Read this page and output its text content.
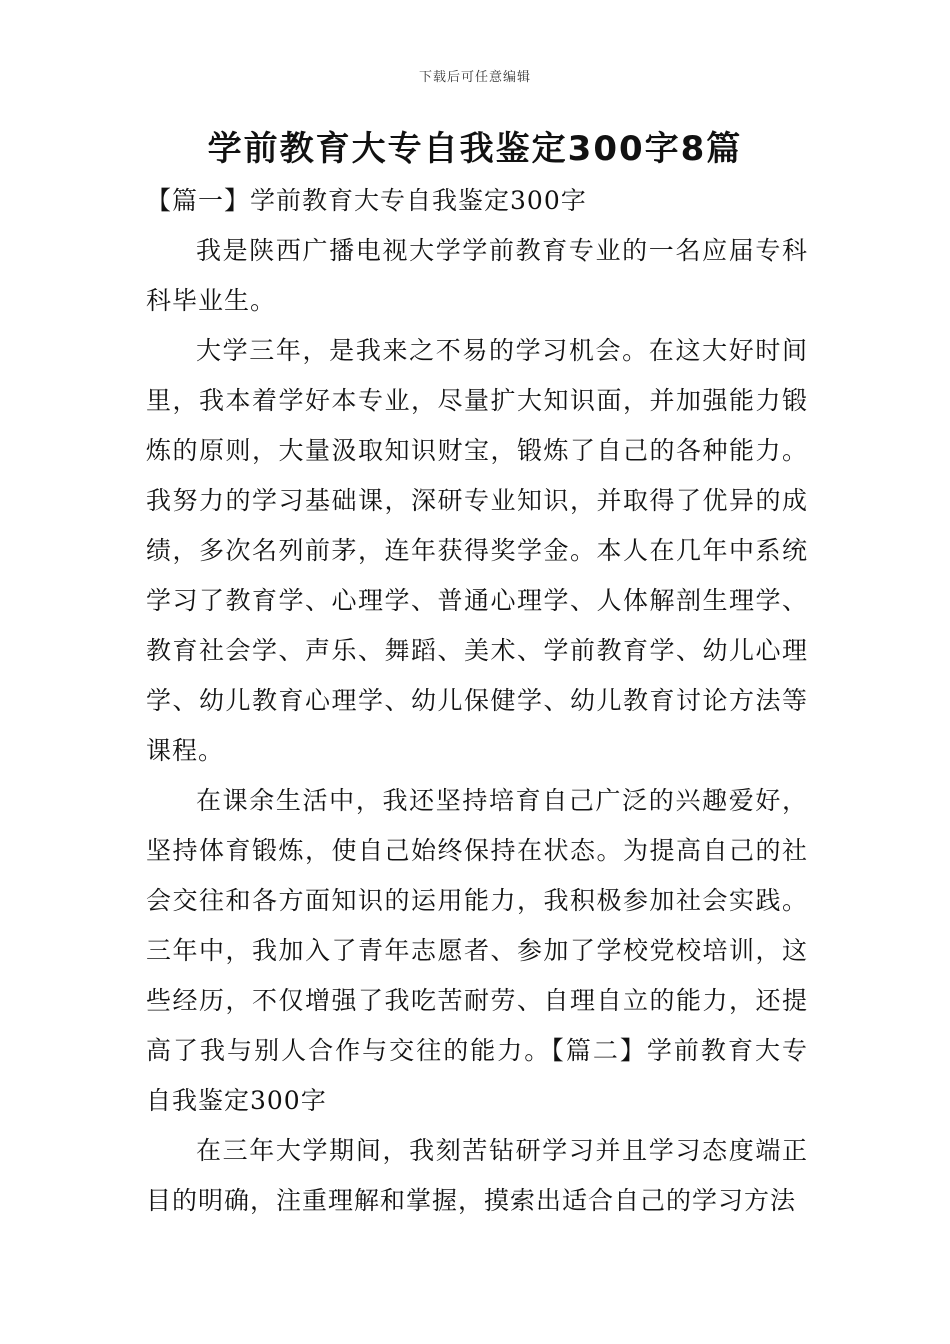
下载后可任意编辑
学前教育大专自我鉴定300字8篇

【篇一】学前教育大专自我鉴定300字

我是陕西广播电视大学学前教育专业的一名应届专科科毕业生。

大学三年，是我来之不易的学习机会。在这大好时间里，我本着学好本专业，尽量扩大知识面，并加强能力锻炼的原则，大量汲取知识财宝，锻炼了自己的各种能力。我努力的学习基础课，深研专业知识，并取得了优异的成绩，多次名列前茅，连年获得奖学金。本人在几年中系统学习了教育学、心理学、普通心理学、人体解剖生理学、教育社会学、声乐、舞蹈、美术、学前教育学、幼儿心理学、幼儿教育心理学、幼儿保健学、幼儿教育讨论方法等课程。

在课余生活中，我还坚持培育自己广泛的兴趣爱好，坚持体育锻炼，使自己始终保持在状态。为提高自己的社会交往和各方面知识的运用能力，我积极参加社会实践。三年中，我加入了青年志愿者、参加了学校党校培训，这些经历，不仅增强了我吃苦耐劳、自理自立的能力，还提高了我与别人合作与交往的能力。【篇二】学前教育大专自我鉴定300字

在三年大学期间，我刻苦钻研学习并且学习态度端正目的明确，注重理解和掌握，摸索出适合自己的学习方法
